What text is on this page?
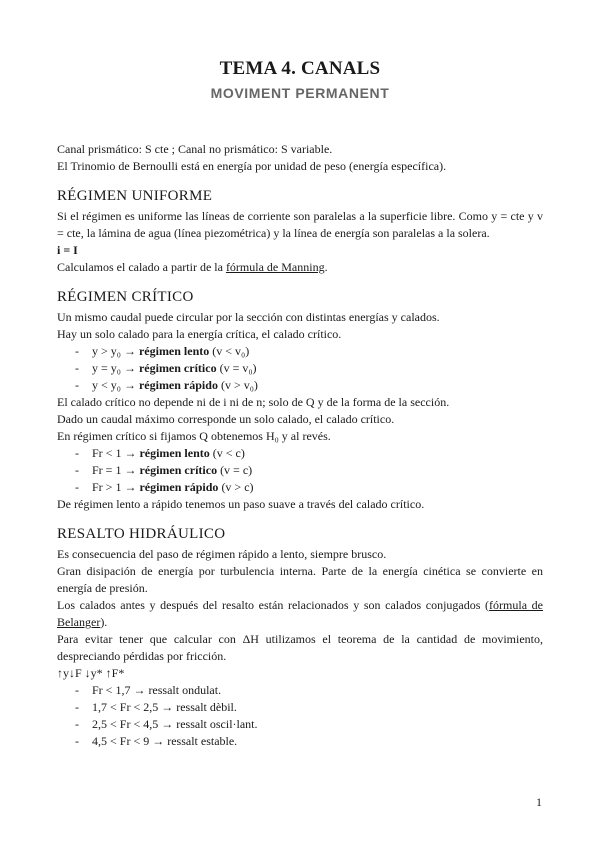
TEMA 4. CANALS
MOVIMENT PERMANENT
Canal prismático: S cte ; Canal no prismático: S variable.
El Trinomio de Bernoulli está en energía por unidad de peso (energía específica).
RÉGIMEN UNIFORME
Si el régimen es uniforme las líneas de corriente son paralelas a la superficie libre. Como y = cte y v = cte, la lámina de agua (línea piezométrica) y la línea de energía son paralelas a la solera.
i = I
Calculamos el calado a partir de la fórmula de Manning.
RÉGIMEN CRÍTICO
Un mismo caudal puede circular por la sección con distintas energías y calados.
Hay un solo calado para la energía crítica, el calado crítico.
- y > y₀ → régimen lento (v < v₀)
- y = y₀ → régimen crítico (v = v₀)
- y < y₀ → régimen rápido (v > v₀)
El calado crítico no depende ni de i ni de n; solo de Q y de la forma de la sección.
Dado un caudal máximo corresponde un solo calado, el calado crítico.
En régimen crítico si fijamos Q obtenemos H₀ y al revés.
- Fr < 1 → régimen lento (v < c)
- Fr = 1 → régimen crítico (v = c)
- Fr > 1 → régimen rápido (v > c)
De régimen lento a rápido tenemos un paso suave a través del calado crítico.
RESALTO HIDRÁULICO
Es consecuencia del paso de régimen rápido a lento, siempre brusco.
Gran disipación de energía por turbulencia interna. Parte de la energía cinética se convierte en energía de presión.
Los calados antes y después del resalto están relacionados y son calados conjugados (fórmula de Belanger).
Para evitar tener que calcular con ΔH utilizamos el teorema de la cantidad de movimiento, despreciando pérdidas por fricción.
↑y↓F ↓y* ↑F*
- Fr < 1,7 → ressalt ondulat.
- 1,7 < Fr < 2,5 → ressalt dèbil.
- 2,5 < Fr < 4,5 → ressalt oscil·lant.
- 4,5 < Fr < 9 → ressalt estable.
1
